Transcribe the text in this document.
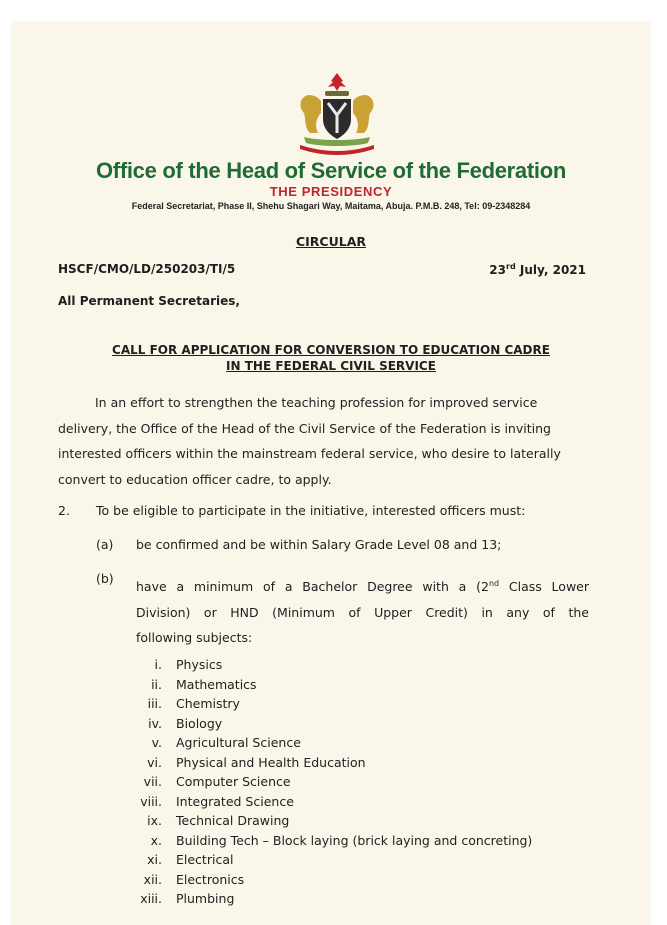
Office of the Head of Service of the Federation
THE PRESIDENCY
Federal Secretariat, Phase II, Shehu Shagari Way, Maitama, Abuja. P.M.B. 248, Tel: 09-2348284
CIRCULAR
HSCF/CMO/LD/250203/TI/5	23rd July, 2021
All Permanent Secretaries,
CALL FOR APPLICATION FOR CONVERSION TO EDUCATION CADRE
IN THE FEDERAL CIVIL SERVICE
In an effort to strengthen the teaching profession for improved service
delivery, the Office of the Head of the Civil Service of the Federation is inviting
interested officers within the mainstream federal service, who desire to laterally
convert to education officer cadre, to apply.
2. To be eligible to participate in the initiative, interested officers must:
(a) be confirmed and be within Salary Grade Level 08 and 13;
(b)
have a minimum of a Bachelor Degree with a (2nd Class Lower
Division) or HND (Minimum of Upper Credit) in any of the
following subjects:
i.	Physics
ii.	Mathematics
iii.	Chemistry
iv.	Biology
v.	Agricultural Science
vi.	Physical and Health Education
vii.	Computer Science
viii.	Integrated Science
ix.	Technical Drawing
x.	Building Tech – Block laying (brick laying and concreting)
xi.	Electrical
xii.	Electronics
xiii.	Plumbing
